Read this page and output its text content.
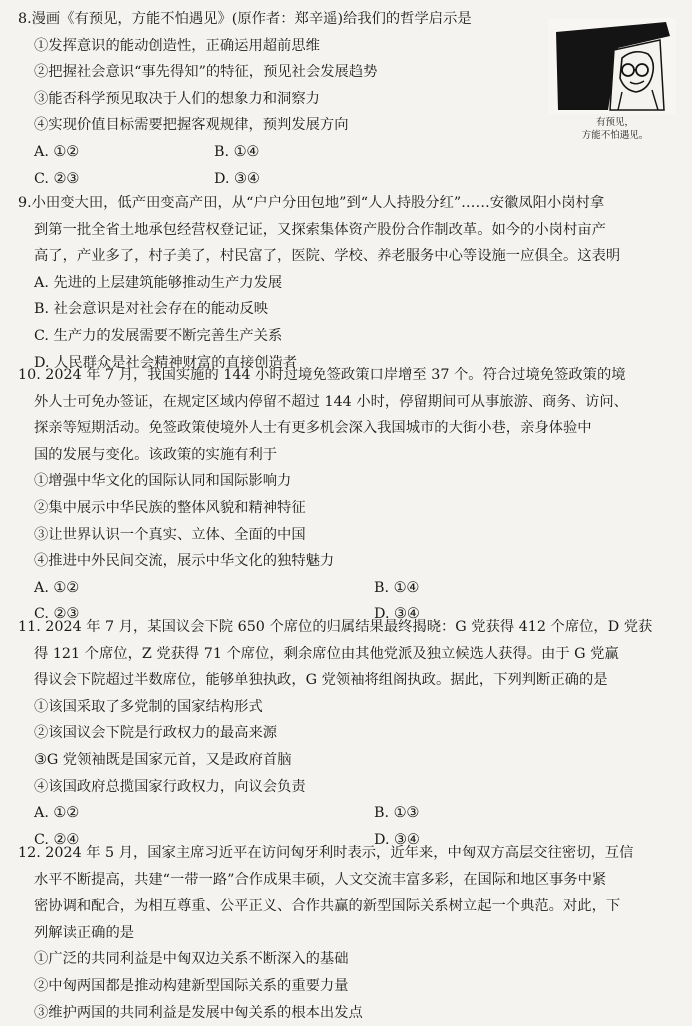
8.漫画《有预见，方能不怕遇见》(原作者：郑辛遥)给我们的哲学启示是
①发挥意识的能动创造性，正确运用超前思维
②把握社会意识“事先得知”的特征，预见社会发展趋势
③能否科学预见取决于人们的想象力和洞察力
④实现价值目标需要把握客观规律，预判发展方向
A. ①②	B. ①④
C. ②③	D. ③④
有预见，
方能不怕遇见。
9.小田变大田，低产田变高产田，从“户户分田包地”到“人人持股分红”……安徽凤阳小岗村拿
到第一批全省土地承包经营权登记证，又探索集体资产股份合作制改革。如今的小岗村亩产
高了，产业多了，村子美了，村民富了，医院、学校、养老服务中心等设施一应俱全。这表明
A. 先进的上层建筑能够推动生产力发展
B. 社会意识是对社会存在的能动反映
C. 生产力的发展需要不断完善生产关系
D. 人民群众是社会精神财富的直接创造者
10. 2024 年 7 月，我国实施的 144 小时过境免签政策口岸增至 37 个。符合过境免签政策的境
外人士可免办签证，在规定区域内停留不超过 144 小时，停留期间可从事旅游、商务、访问、
探亲等短期活动。免签政策使境外人士有更多机会深入我国城市的大街小巷，亲身体验中
国的发展与变化。该政策的实施有利于
①增强中华文化的国际认同和国际影响力
②集中展示中华民族的整体风貌和精神特征
③让世界认识一个真实、立体、全面的中国
④推进中外民间交流，展示中华文化的独特魅力
A. ①②	B. ①④
C. ②③	D. ③④
11. 2024 年 7 月，某国议会下院 650 个席位的归属结果最终揭晓：G 党获得 412 个席位，D 党获
得 121 个席位，Z 党获得 71 个席位，剩余席位由其他党派及独立候选人获得。由于 G 党赢
得议会下院超过半数席位，能够单独执政，G 党领袖将组阁执政。据此，下列判断正确的是
①该国采取了多党制的国家结构形式
②该国议会下院是行政权力的最高来源
③G 党领袖既是国家元首，又是政府首脑
④该国政府总揽国家行政权力，向议会负责
A. ①②	B. ①③
C. ②④	D. ③④
12. 2024 年 5 月，国家主席习近平在访问匈牙利时表示，近年来，中匈双方高层交往密切，互信
水平不断提高，共建“一带一路”合作成果丰硕，人文交流丰富多彩，在国际和地区事务中紧
密协调和配合，为相互尊重、公平正义、合作共赢的新型国际关系树立起一个典范。对此，下
列解读正确的是
①广泛的共同利益是中匈双边关系不断深入的基础
②中匈两国都是推动构建新型国际关系的重要力量
③维护两国的共同利益是发展中匈关系的根本出发点
